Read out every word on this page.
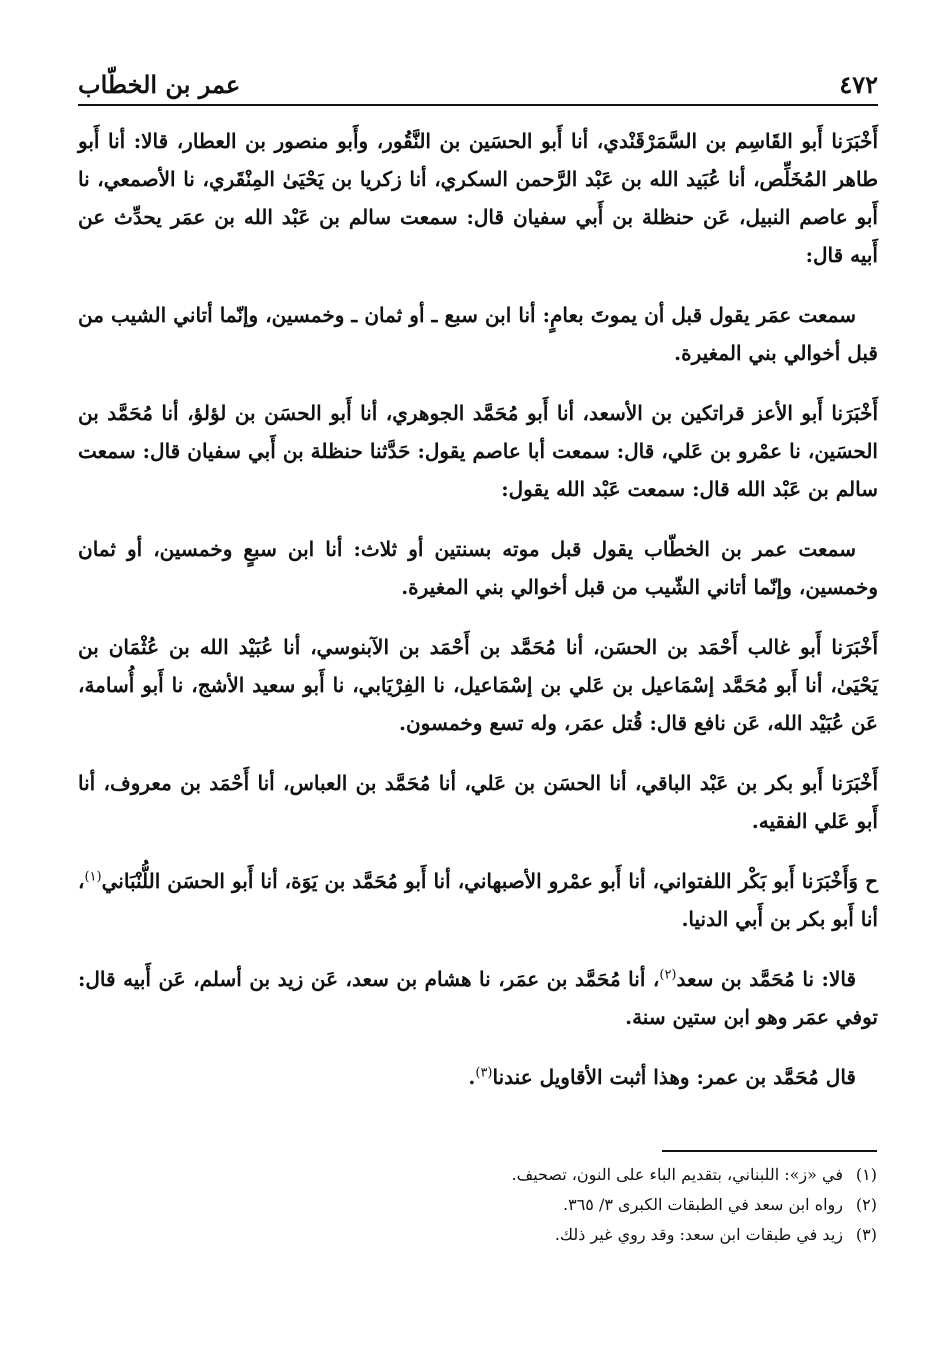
٤٧٢
عمر بن الخطّاب

أَخْبَرَنا أَبو القَاسِم بن السَّمَرْقَنْدي، أنا أَبو الحسَين بن النَّقُور، وأَبو منصور بن العطار، قالا: أنا أَبو طاهر المُخَلِّص، أنا عُبَيد الله بن عَبْد الرَّحمن السكري، أنا زكريا بن يَحْيَىٰ المِنْقَري، نا الأصمعي، نا أَبو عاصم النبيل، عَن حنظلة بن أَبي سفيان قال: سمعت سالم بن عَبْد الله بن عمَر يحدِّث عن أَبيه قال:

سمعت عمَر يقول قبل أن يموتَ بعامٍ: أنا ابن سبع ـ أو ثمان ـ وخمسين، وإنّما أتاني الشيب من قبل أخوالي بني المغيرة.

أَخْبَرَنا أَبو الأعز قراتكين بن الأسعد، أنا أَبو مُحَمَّد الجوهري، أنا أَبو الحسَن بن لؤلؤ، أنا مُحَمَّد بن الحسَين، نا عمْرو بن عَلي، قال: سمعت أبا عاصم يقول: حَدَّثنا حنظلة بن أَبي سفيان قال: سمعت سالم بن عَبْد الله قال: سمعت عَبْد الله يقول:

سمعت عمر بن الخطّاب يقول قبل موته بسنتين أو ثلاث: أنا ابن سبعٍ وخمسين، أو ثمان وخمسين، وإنّما أتاني الشّيب من قبل أخوالي بني المغيرة.

أَخْبَرَنا أَبو غالب أَحْمَد بن الحسَن، أنا مُحَمَّد بن أَحْمَد بن الآبنوسي، أنا عُبَيْد الله بن عُثْمَان بن يَحْيَىٰ، أنا أَبو مُحَمَّد إسْمَاعيل بن عَلي بن إسْمَاعيل، نا الفِرْيَابي، نا أَبو سعيد الأشج، نا أَبو أُسامة، عَن عُبَيْد الله، عَن نافع قال: قُتل عمَر، وله تسع وخمسون.

أَخْبَرَنا أَبو بكر بن عَبْد الباقي، أنا الحسَن بن عَلي، أنا مُحَمَّد بن العباس، أنا أَحْمَد بن معروف، أنا أَبو عَلي الفقيه.

ح وَأَخْبَرَنا أَبو بَكْر اللفتواني، أنا أَبو عمْرو الأصبهاني، أنا أَبو مُحَمَّد بن يَوَة، أنا أَبو الحسَن اللُّنْبَاني$^{(١)}$، أنا أَبو بكر بن أَبي الدنيا.

قالا: نا مُحَمَّد بن سعد$^{(٢)}$، أنا مُحَمَّد بن عمَر، نا هشام بن سعد، عَن زيد بن أسلم، عَن أَبيه قال: توفي عمَر وهو ابن ستين سنة.

قال مُحَمَّد بن عمر: وهذا أثبت الأقاويل عندنا$^{(٣)}$.

(١)في «ز»: اللبناني، بتقديم الباء على النون، تصحيف.
(٢)رواه ابن سعد في الطبقات الكبرى ٣/ ٣٦٥.
(٣)زيد في طبقات ابن سعد: وقد روي غير ذلك.
